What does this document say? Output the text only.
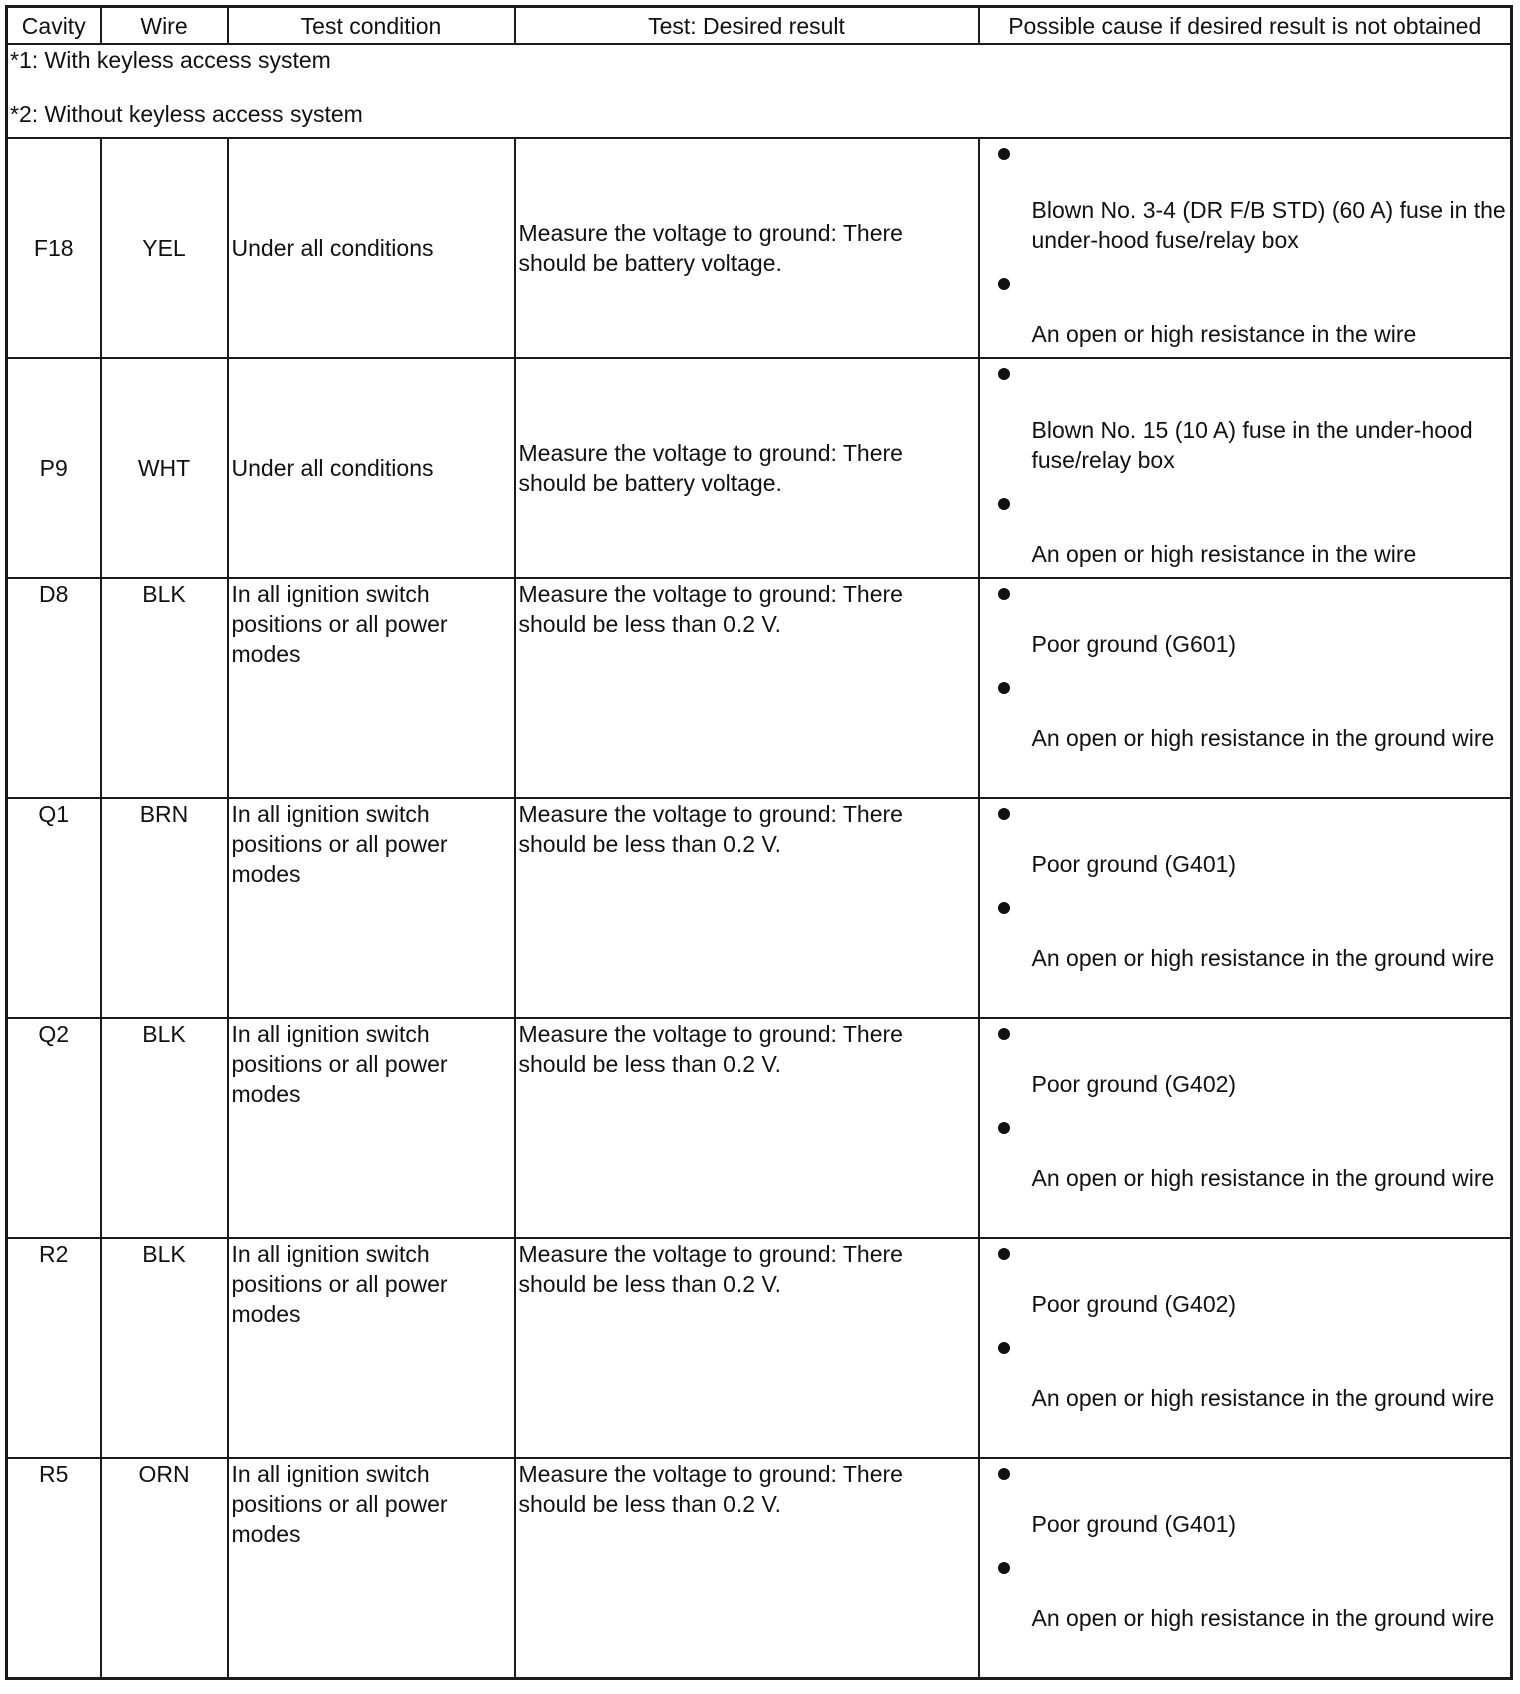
Cavity	Wire	Test condition	Test: Desired result	Possible cause if desired result is not obtained

*1: With keyless access system
*2: Without keyless access system				

F18	YEL	Under all conditions	Measure the voltage to ground: There should be battery voltage.	Blown No. 3-4 (DR F/B STD) (60 A) fuse in the under-hood fuse/relay box
An open or high resistance in the wire

P9	WHT	Under all conditions	Measure the voltage to ground: There should be battery voltage.	Blown No. 15 (10 A) fuse in the under-hood fuse/relay box
An open or high resistance in the wire

D8	BLK	In all ignition switch positions or all power modes	Measure the voltage to ground: There should be less than 0.2 V.	Poor ground (G601)
An open or high resistance in the ground wire

Q1	BRN	In all ignition switch positions or all power modes	Measure the voltage to ground: There should be less than 0.2 V.	Poor ground (G401)
An open or high resistance in the ground wire

Q2	BLK	In all ignition switch positions or all power modes	Measure the voltage to ground: There should be less than 0.2 V.	Poor ground (G402)
An open or high resistance in the ground wire

R2	BLK	In all ignition switch positions or all power modes	Measure the voltage to ground: There should be less than 0.2 V.	Poor ground (G402)
An open or high resistance in the ground wire

R5	ORN	In all ignition switch positions or all power modes	Measure the voltage to ground: There should be less than 0.2 V.	Poor ground (G401)
An open or high resistance in the ground wire
